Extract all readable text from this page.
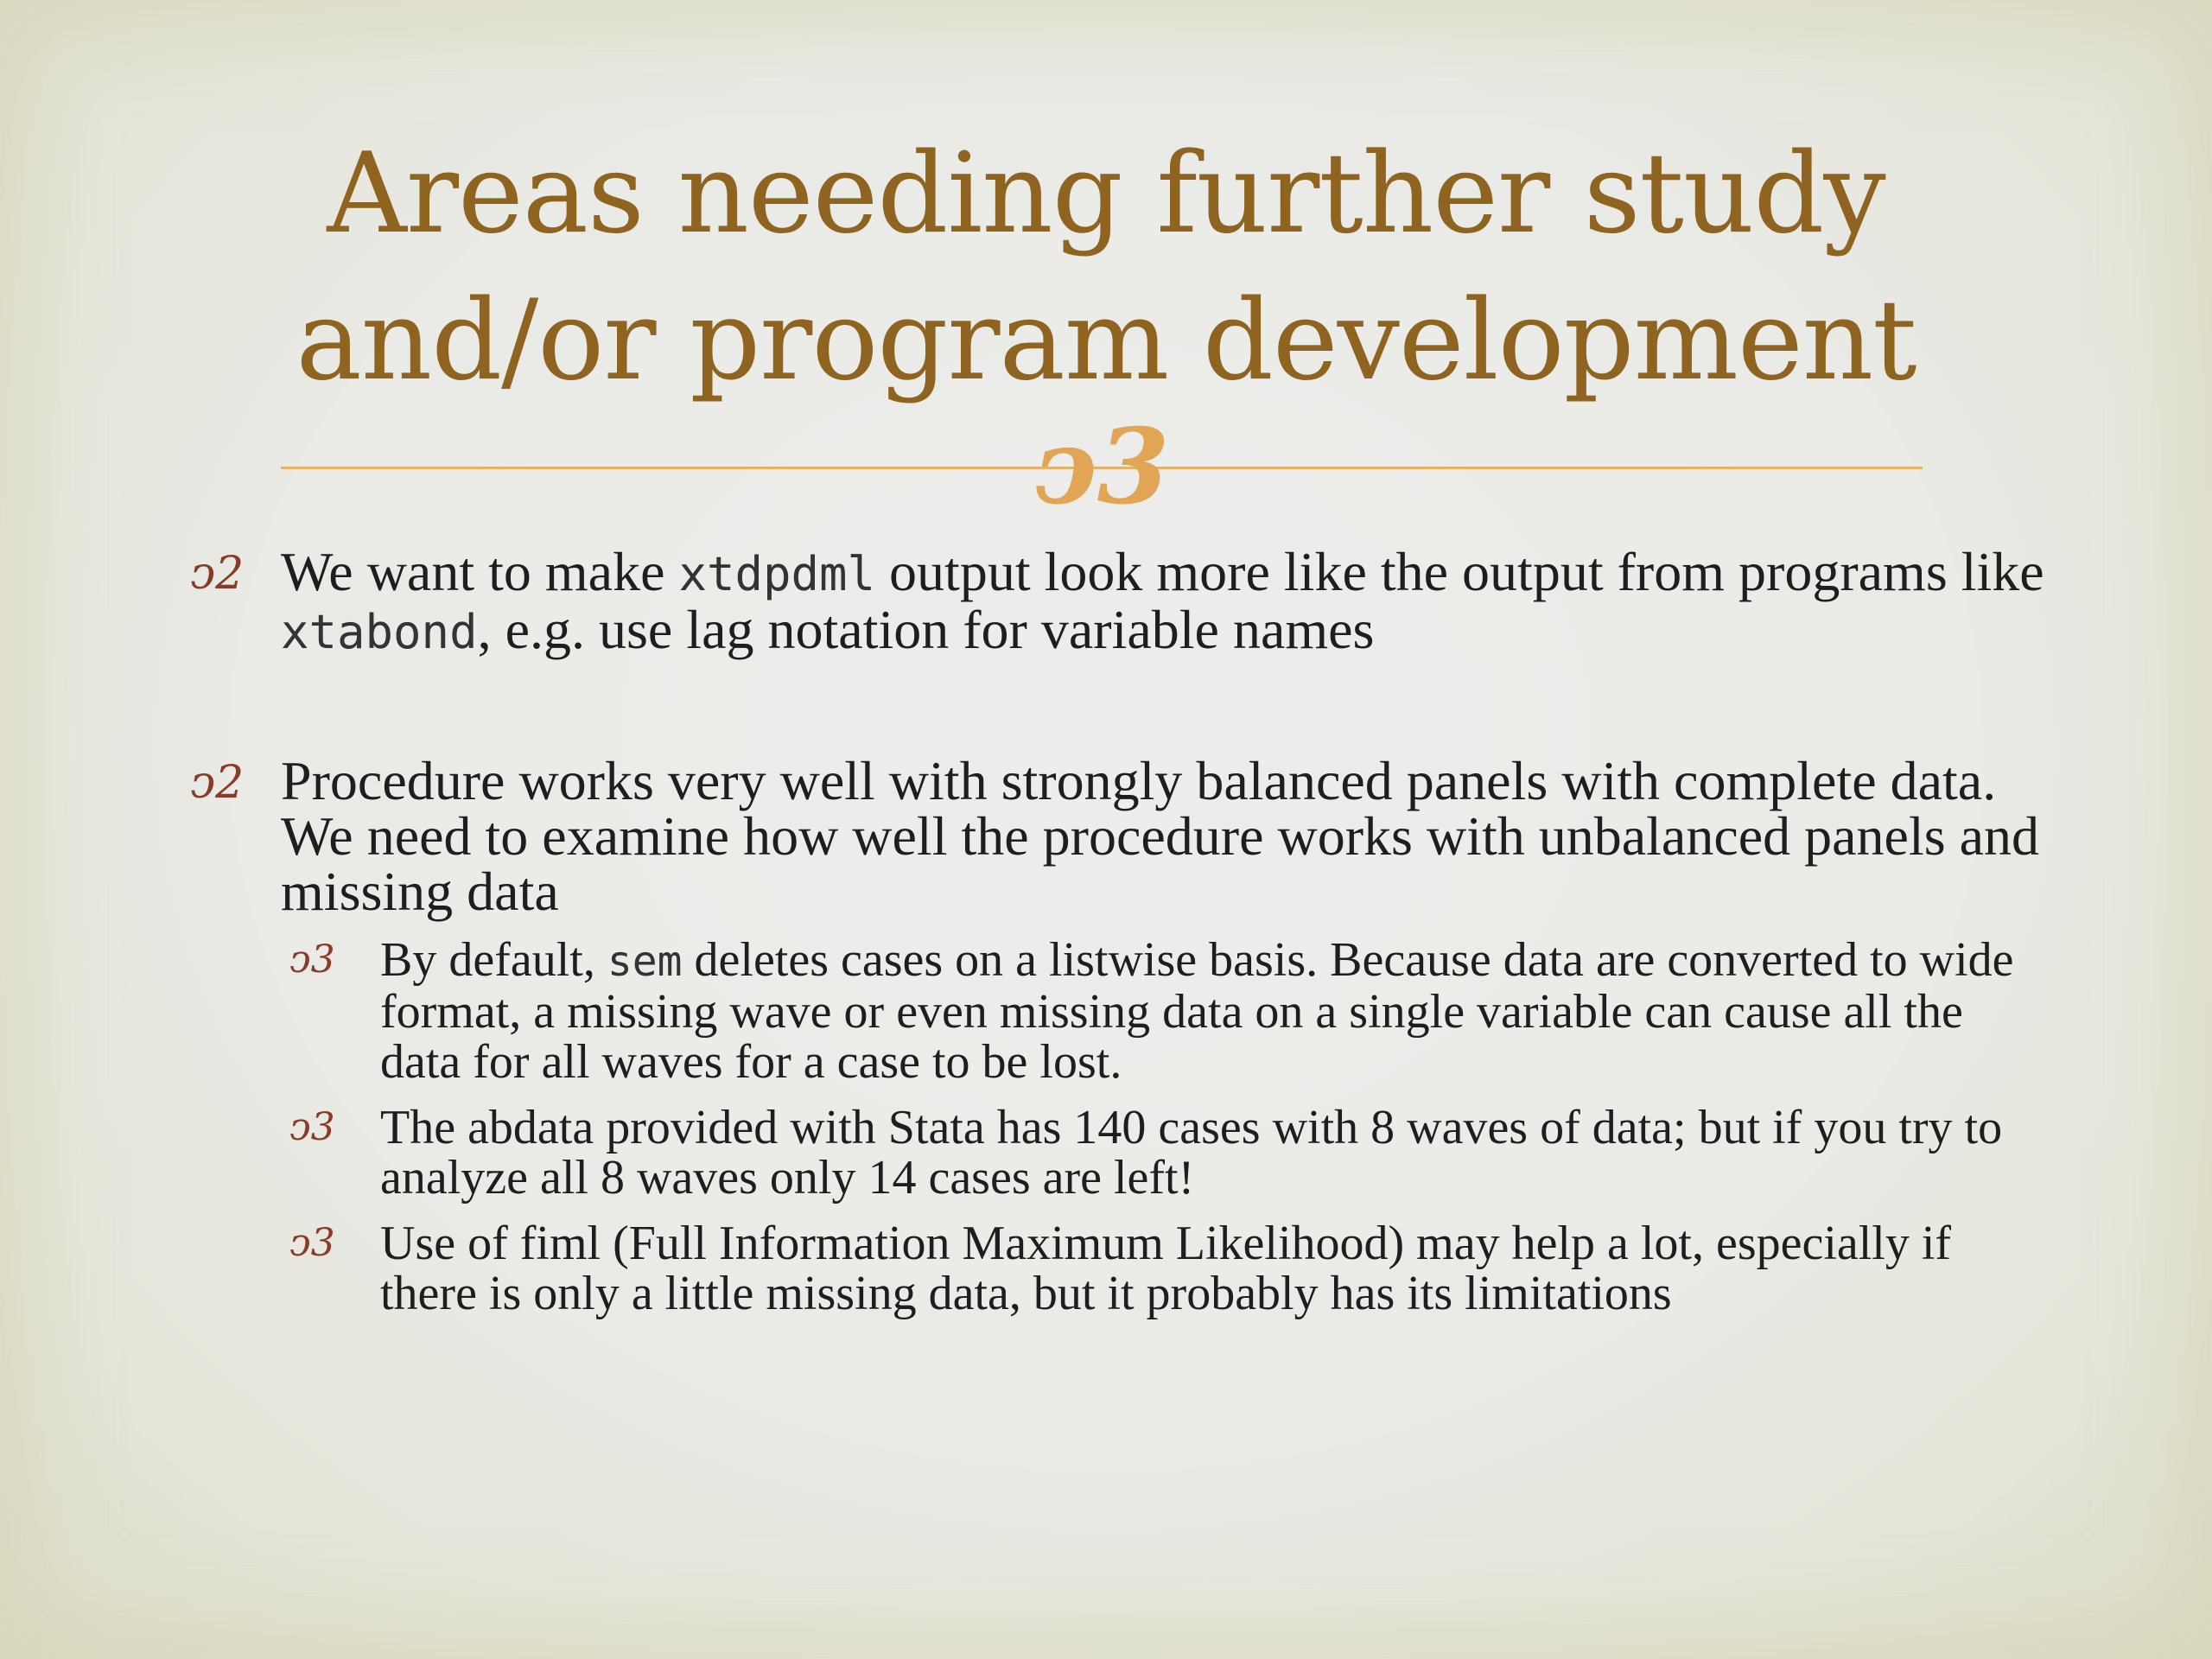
Areas needing further study
and/or program development
ↄ3
ↄ2 We want to make xtdpdml output look more like the output from programs like xtabond, e.g. use lag notation for variable names
ↄ2 Procedure works very well with strongly balanced panels with complete data. We need to examine how well the procedure works with unbalanced panels and missing data
ↄ3 By default, sem deletes cases on a listwise basis. Because data are converted to wide format, a missing wave or even missing data on a single variable can cause all the data for all waves for a case to be lost.
ↄ3 The abdata provided with Stata has 140 cases with 8 waves of data; but if you try to analyze all 8 waves only 14 cases are left!
ↄ3 Use of fiml (Full Information Maximum Likelihood) may help a lot, especially if there is only a little missing data, but it probably has its limitations
